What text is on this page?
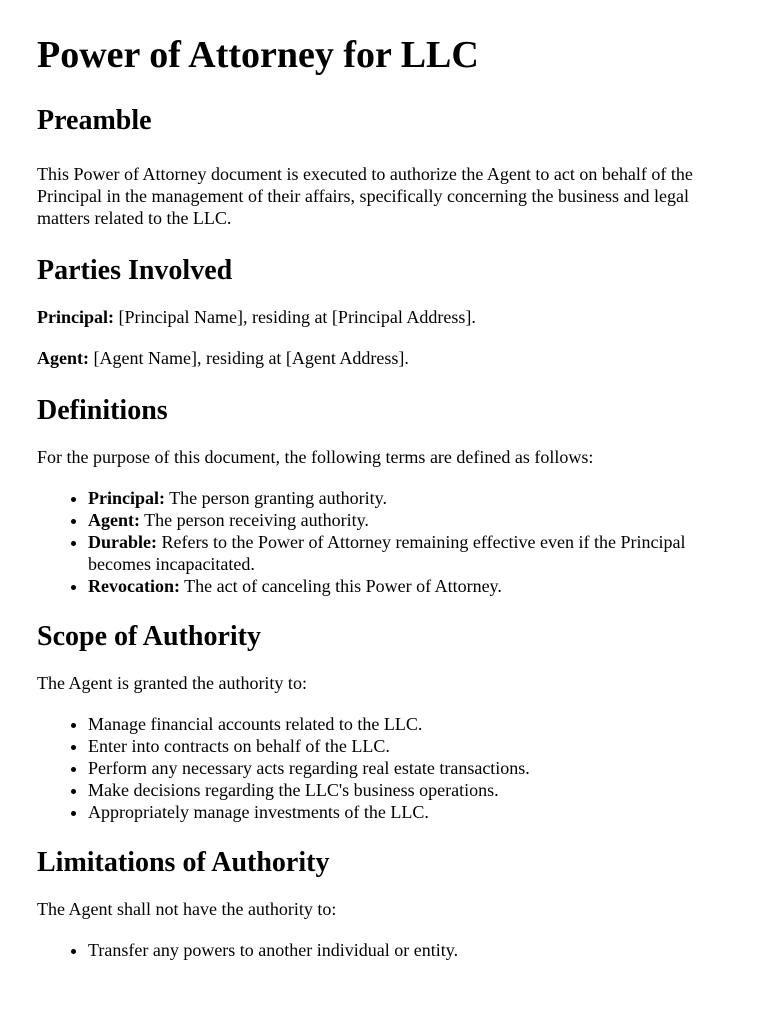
Power of Attorney for LLC
Preamble

This Power of Attorney document is executed to authorize the Agent to act on behalf of the Principal in the management of their affairs, specifically concerning the business and legal matters related to the LLC.

Parties Involved

Principal: [Principal Name], residing at [Principal Address].

Agent: [Agent Name], residing at [Agent Address].

Definitions

For the purpose of this document, the following terms are defined as follows:

• Principal: The person granting authority.
• Agent: The person receiving authority.
• Durable: Refers to the Power of Attorney remaining effective even if the Principal becomes incapacitated.
• Revocation: The act of canceling this Power of Attorney.
Scope of Authority

The Agent is granted the authority to:

• Manage financial accounts related to the LLC.
• Enter into contracts on behalf of the LLC.
• Perform any necessary acts regarding real estate transactions.
• Make decisions regarding the LLC's business operations.
• Appropriately manage investments of the LLC.
Limitations of Authority

The Agent shall not have the authority to:

• Transfer any powers to another individual or entity.
